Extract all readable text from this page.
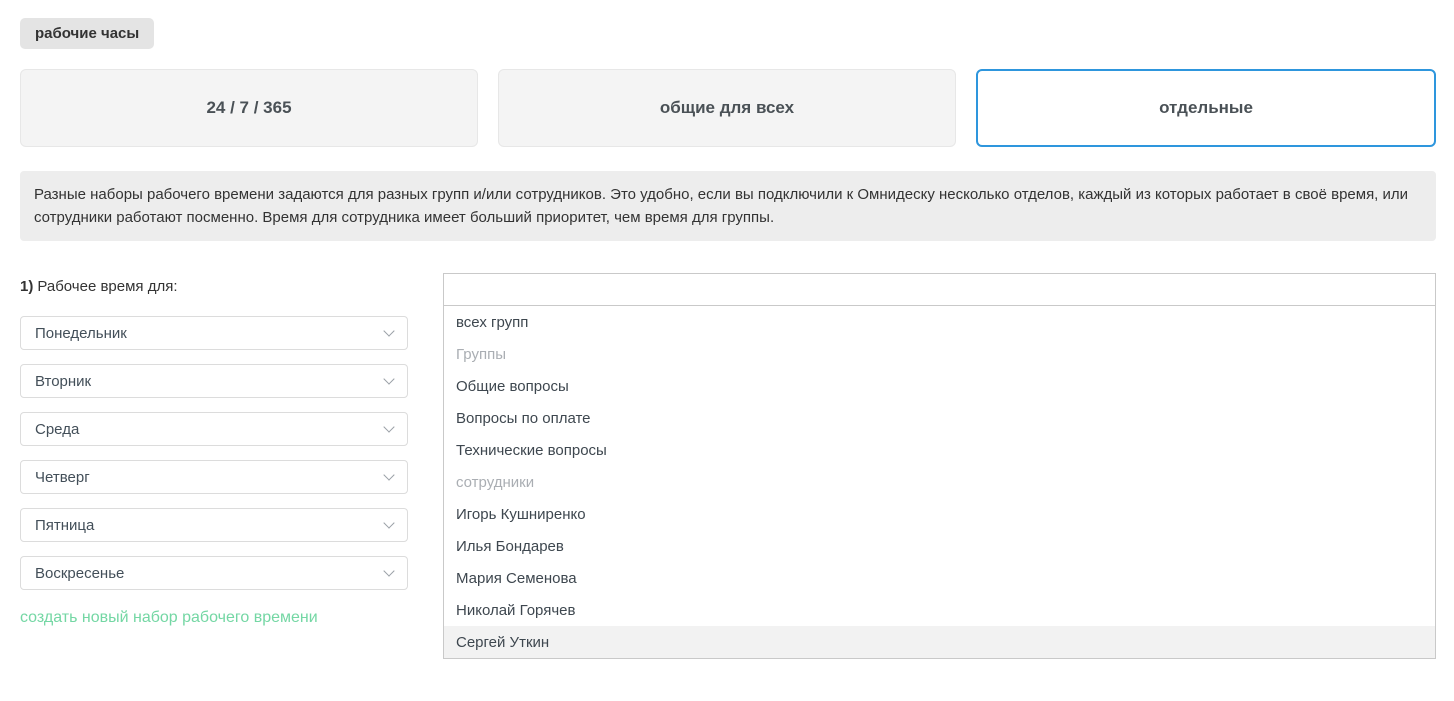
рабочие часы
24 / 7 / 365	общие для всех	отдельные
Разные наборы рабочего времени задаются для разных групп и/или сотрудников. Это удобно, если вы подключили к Омнидеску несколько отделов, каждый из которых работает в своё время, или сотрудники работают посменно. Время для сотрудника имеет больший приоритет, чем время для группы.
1) Рабочее время для:
Понедельник
Вторник
Среда
Четверг
Пятница
Воскресенье
создать новый набор рабочего времени
всех групп
Группы
Общие вопросы
Вопросы по оплате
Технические вопросы
сотрудники
Игорь Кушниренко
Илья Бондарев
Мария Семенова
Николай Горячев
Сергей Уткин
